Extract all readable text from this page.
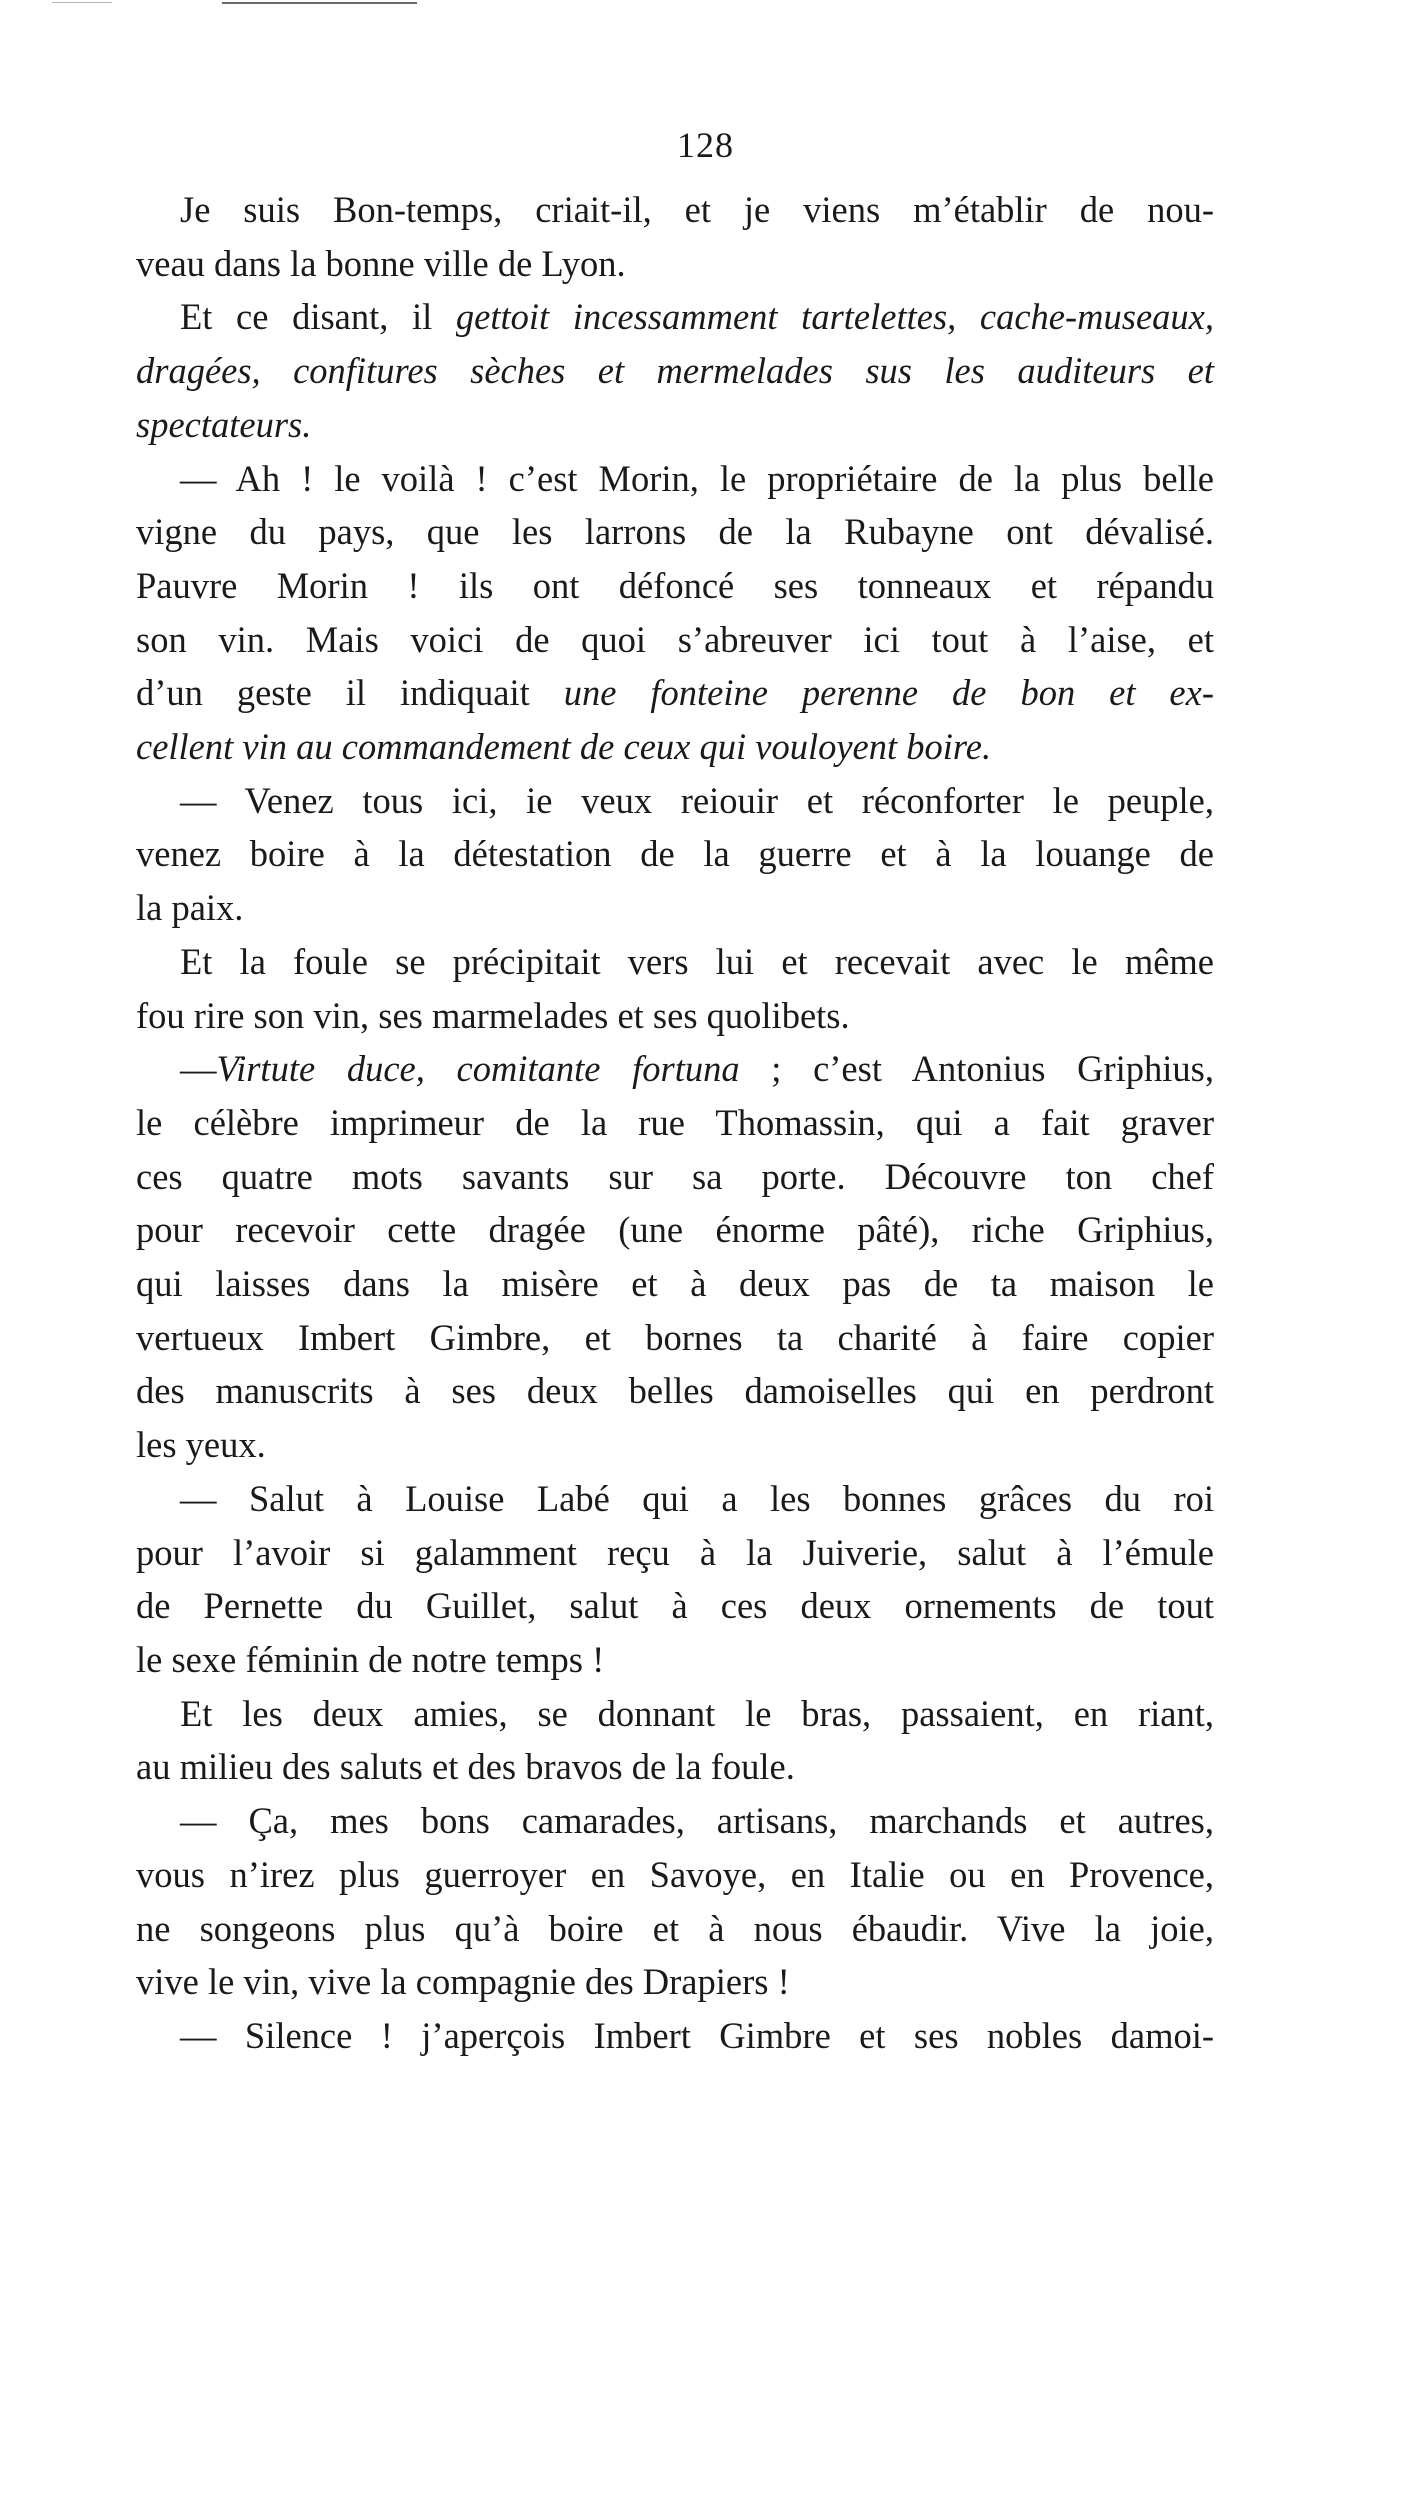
128

Je suis Bon-temps, criait-il, et je viens m’établir de nou-
veau dans la bonne ville de Lyon.

Et ce disant, il gettoit incessamment tartelettes, cache-museaux,
dragées, confitures sèches et mermelades sus les auditeurs et
spectateurs.

— Ah ! le voilà ! c’est Morin, le propriétaire de la plus belle
vigne du pays, que les larrons de la Rubayne ont dévalisé.
Pauvre Morin ! ils ont défoncé ses tonneaux et répandu
son vin. Mais voici de quoi s’abreuver ici tout à l’aise, et
d’un geste il indiquait une fonteine perenne de bon et ex-
cellent vin au commandement de ceux qui vouloyent boire.

— Venez tous ici, ie veux reiouir et réconforter le peuple,
venez boire à la détestation de la guerre et à la louange de
la paix.

Et la foule se précipitait vers lui et recevait avec le même
fou rire son vin, ses marmelades et ses quolibets.

—Virtute duce, comitante fortuna ; c’est Antonius Griphius,
le célèbre imprimeur de la rue Thomassin, qui a fait graver
ces quatre mots savants sur sa porte. Découvre ton chef
pour recevoir cette dragée (une énorme pâté), riche Griphius,
qui laisses dans la misère et à deux pas de ta maison le
vertueux Imbert Gimbre, et bornes ta charité à faire copier
des manuscrits à ses deux belles damoiselles qui en perdront
les yeux.

— Salut à Louise Labé qui a les bonnes grâces du roi
pour l’avoir si galamment reçu à la Juiverie, salut à l’émule
de Pernette du Guillet, salut à ces deux ornements de tout
le sexe féminin de notre temps !

Et les deux amies, se donnant le bras, passaient, en riant,
au milieu des saluts et des bravos de la foule.

— Ça, mes bons camarades, artisans, marchands et autres,
vous n’irez plus guerroyer en Savoye, en Italie ou en Provence,
ne songeons plus qu’à boire et à nous ébaudir. Vive la joie,
vive le vin, vive la compagnie des Drapiers !

— Silence ! j’aperçois Imbert Gimbre et ses nobles damoi-
